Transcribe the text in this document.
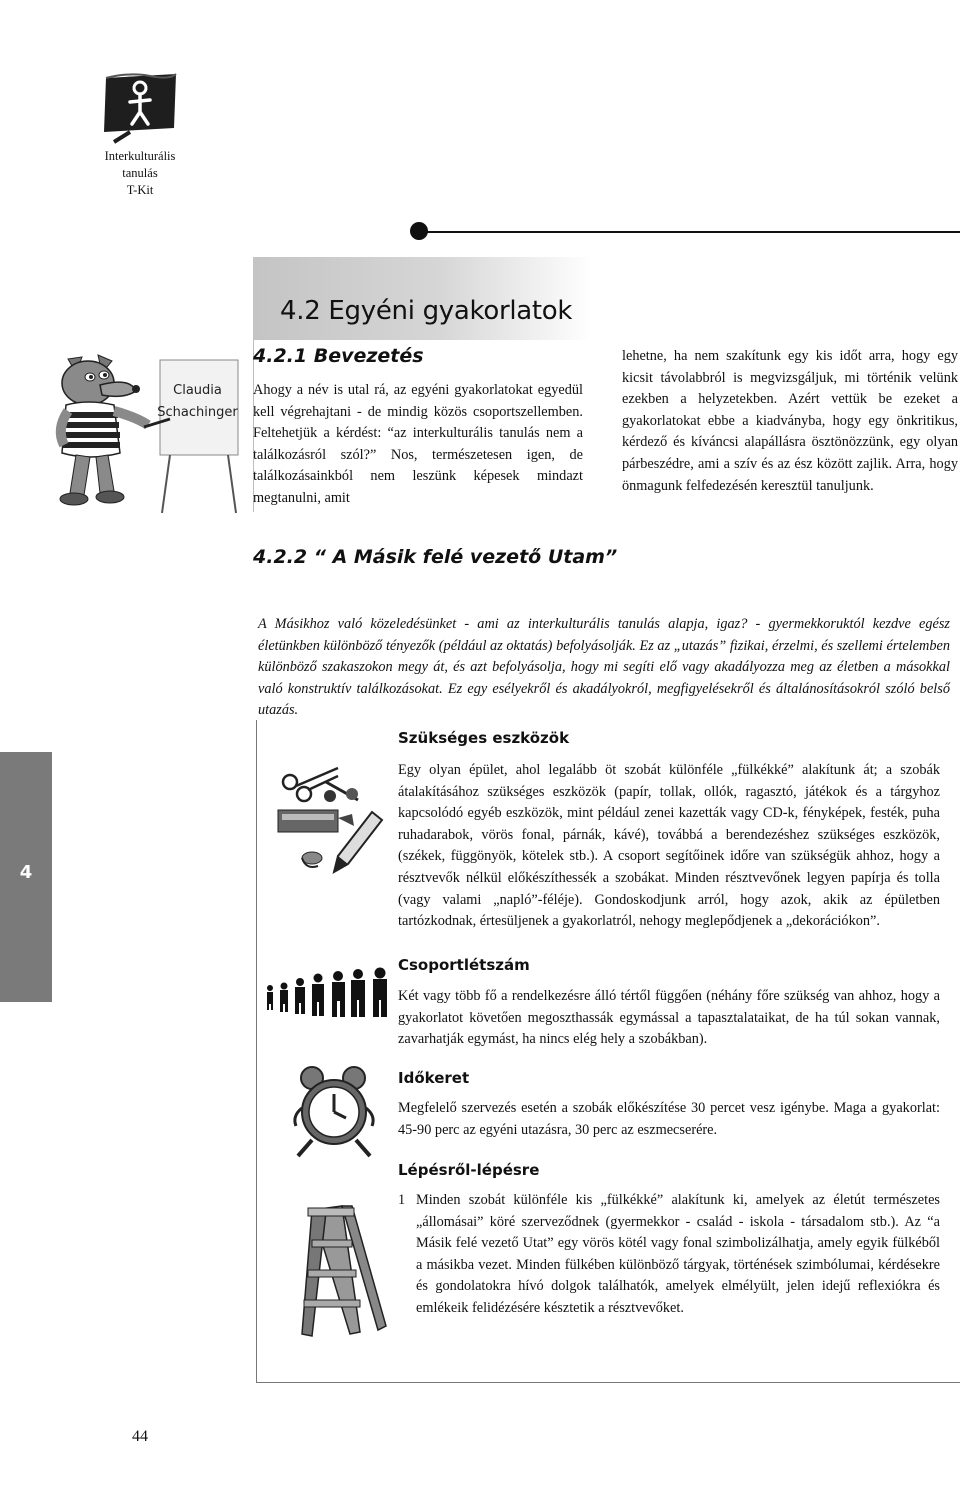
Interkulturális
tanulás
T-Kit
4.2 Egyéni gyakorlatok
Claudia
Schachinger
4.2.1 Bevezetés
Ahogy a név is utal rá, az egyéni gyakorlatokat egyedül kell végrehajtani - de mindig közös csoportszellemben. Feltehetjük a kérdést: “az interkulturális tanulás nem a találkozásról szól?” Nos, természetesen igen, de találkozásainkból nem leszünk képesek mindazt megtanulni, amit
lehetne, ha nem szakítunk egy kis időt arra, hogy egy kicsit távolabbról is megvizsgáljuk, mi történik velünk ezekben a helyzetekben. Azért vettük be ezeket a gyakorlatokat ebbe a kiadványba, hogy egy önkritikus, kérdező és kíváncsi alapállásra ösztönözzünk, egy olyan párbeszédre, ami a szív és az ész között zajlik. Arra, hogy önmagunk felfedezésén keresztül tanuljunk.
4.2.2 “ A Másik felé vezető Utam”
A Másikhoz való közeledésünket - ami az interkulturális tanulás alapja, igaz? - gyermekkoruktól kezdve egész életünkben különböző tényezők (például az oktatás) befolyásolják. Ez az „utazás” fizikai, érzelmi, és szellemi értelemben különböző szakaszokon megy át, és azt befolyásolja, hogy mi segíti elő vagy akadályozza meg az életben a másokkal való konstruktív találkozásokat. Ez egy esélyekről és akadályokról, megfigyelésekről és általánosításokról szóló belső utazás.
Szükséges eszközök
Egy olyan épület, ahol legalább öt szobát különféle „fülkékké” alakítunk át; a szobák átalakításához szükséges eszközök (papír, tollak, ollók, ragasztó, játékok és a tárgyhoz kapcsolódó egyéb eszközök, mint például zenei kazetták vagy CD-k, fényképek, festék, puha ruhadarabok, vörös fonal, párnák, kávé), továbbá a berendezéshez szükséges eszközök, (székek, függönyök, kötelek stb.). A csoport segítőinek időre van szükségük ahhoz, hogy a résztvevők nélkül előkészíthessék a szobákat. Minden résztvevőnek legyen papírja és tolla (vagy valami „napló”-féléje). Gondoskodjunk arról, hogy azok, akik az épületben tartózkodnak, értesüljenek a gyakorlatról, nehogy meglepődjenek a „dekorációkon”.
Csoportlétszám
Két vagy több fő a rendelkezésre álló tértől függően (néhány főre szükség van ahhoz, hogy a gyakorlatot követően megoszthassák egymással a tapasztalataikat, de ha túl sokan vannak, zavarhatják egymást, ha nincs elég hely a szobákban).
Időkeret
Megfelelő szervezés esetén a szobák előkészítése 30 percet vesz igénybe. Maga a gyakorlat: 45-90 perc az egyéni utazásra, 30 perc az eszmecserére.
Lépésről-lépésre
1 Minden szobát különféle kis „fülkékké” alakítunk ki, amelyek az életút természetes „állomásai” köré szerveződnek (gyermekkor - család - iskola - társadalom stb.). Az “a Másik felé vezető Utat” egy vörös kötél vagy fonal szimbolizálhatja, amely egyik fülkéből a másikba vezet. Minden fülkében különböző tárgyak, történések szimbólumai, kérdésekre és gondolatokra hívó dolgok találhatók, amelyek elmélyült, jelen idejű reflexiókra és emlékeik felidézésére késztetik a résztvevőket.
4
44
